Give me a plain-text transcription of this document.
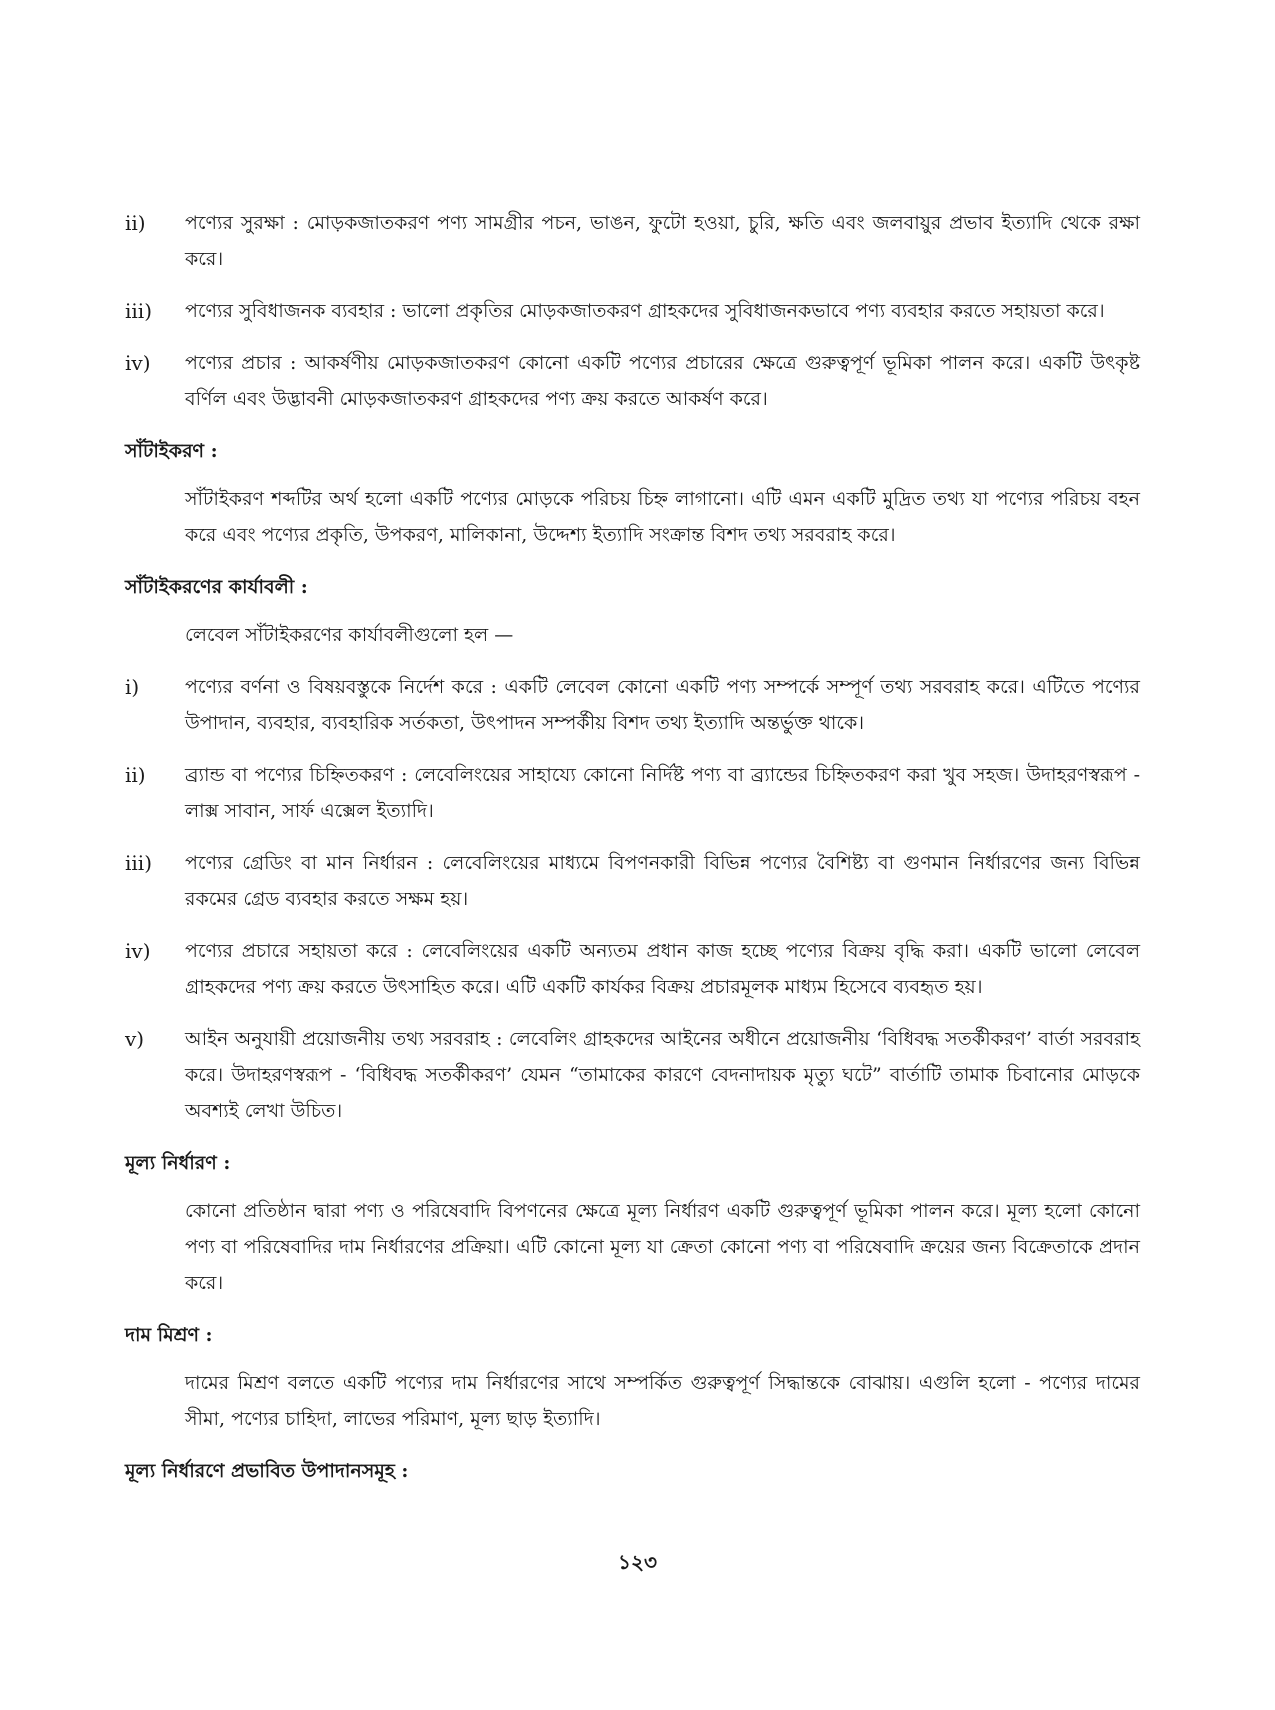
ii)	পণ্যের সুরক্ষা : মোড়কজাতকরণ পণ্য সামগ্রীর পচন, ভাঙন, ফুটো হওয়া, চুরি, ক্ষতি এবং জলবায়ুর প্রভাব ইত্যাদি থেকে রক্ষা করে।
iii)	পণ্যের সুবিধাজনক ব্যবহার : ভালো প্রকৃতির মোড়কজাতকরণ গ্রাহকদের সুবিধাজনকভাবে পণ্য ব্যবহার করতে সহায়তা করে।
iv)	পণ্যের প্রচার : আকর্ষণীয় মোড়কজাতকরণ কোনো একটি পণ্যের প্রচারের ক্ষেত্রে গুরুত্বপূর্ণ ভূমিকা পালন করে। একটি উৎকৃষ্ট বর্ণিল এবং উদ্ভাবনী মোড়কজাতকরণ গ্রাহকদের পণ্য ক্রয় করতে আকর্ষণ করে।
সাঁটাইকরণ :
সাঁটাইকরণ শব্দটির অর্থ হলো একটি পণ্যের মোড়কে পরিচয় চিহ্ন লাগানো। এটি এমন একটি মুদ্রিত তথ্য যা পণ্যের পরিচয় বহন করে এবং পণ্যের প্রকৃতি, উপকরণ, মালিকানা, উদ্দেশ্য ইত্যাদি সংক্রান্ত বিশদ তথ্য সরবরাহ করে।
সাঁটাইকরণের কার্যাবলী :
লেবেল সাঁটাইকরণের কার্যাবলীগুলো হল —
i)	পণ্যের বর্ণনা ও বিষয়বস্তুকে নির্দেশ করে : একটি লেবেল কোনো একটি পণ্য সম্পর্কে সম্পূর্ণ তথ্য সরবরাহ করে। এটিতে পণ্যের উপাদান, ব্যবহার, ব্যবহারিক সর্তকতা, উৎপাদন সম্পর্কীয় বিশদ তথ্য ইত্যাদি অন্তর্ভুক্ত থাকে।
ii)	ব্র্যান্ড বা পণ্যের চিহ্নিতকরণ : লেবেলিংয়ের সাহায্যে কোনো নির্দিষ্ট পণ্য বা ব্র্যান্ডের চিহ্নিতকরণ করা খুব সহজ। উদাহরণস্বরূপ - লাক্স সাবান, সার্ফ এক্সেল ইত্যাদি।
iii)	পণ্যের গ্রেডিং বা মান নির্ধারন : লেবেলিংয়ের মাধ্যমে বিপণনকারী বিভিন্ন পণ্যের বৈশিষ্ট্য বা গুণমান নির্ধারণের জন্য বিভিন্ন রকমের গ্রেড ব্যবহার করতে সক্ষম হয়।
iv)	পণ্যের প্রচারে সহায়তা করে : লেবেলিংয়ের একটি অন্যতম প্রধান কাজ হচ্ছে পণ্যের বিক্রয় বৃদ্ধি করা। একটি ভালো লেবেল গ্রাহকদের পণ্য ক্রয় করতে উৎসাহিত করে। এটি একটি কার্যকর বিক্রয় প্রচারমূলক মাধ্যম হিসেবে ব্যবহৃত হয়।
v)	আইন অনুযায়ী প্রয়োজনীয় তথ্য সরবরাহ : লেবেলিং গ্রাহকদের আইনের অধীনে প্রয়োজনীয় ‘বিধিবদ্ধ সতর্কীকরণ’ বার্তা সরবরাহ করে। উদাহরণস্বরূপ - ‘বিধিবদ্ধ সতর্কীকরণ’ যেমন “তামাকের কারণে বেদনাদায়ক মৃত্যু ঘটে” বার্তাটি তামাক চিবানোর মোড়কে অবশ্যই লেখা উচিত।
মূল্য নির্ধারণ :
কোনো প্রতিষ্ঠান দ্বারা পণ্য ও পরিষেবাদি বিপণনের ক্ষেত্রে মূল্য নির্ধারণ একটি গুরুত্বপূর্ণ ভূমিকা পালন করে। মূল্য হলো কোনো পণ্য বা পরিষেবাদির দাম নির্ধারণের প্রক্রিয়া। এটি কোনো মূল্য যা ক্রেতা কোনো পণ্য বা পরিষেবাদি ক্রয়ের জন্য বিক্রেতাকে প্রদান করে।
দাম মিশ্রণ :
দামের মিশ্রণ বলতে একটি পণ্যের দাম নির্ধারণের সাথে সম্পর্কিত গুরুত্বপূর্ণ সিদ্ধান্তকে বোঝায়। এগুলি হলো - পণ্যের দামের সীমা, পণ্যের চাহিদা, লাভের পরিমাণ, মূল্য ছাড় ইত্যাদি।
মূল্য নির্ধারণে প্রভাবিত উপাদানসমূহ :
১২৩
